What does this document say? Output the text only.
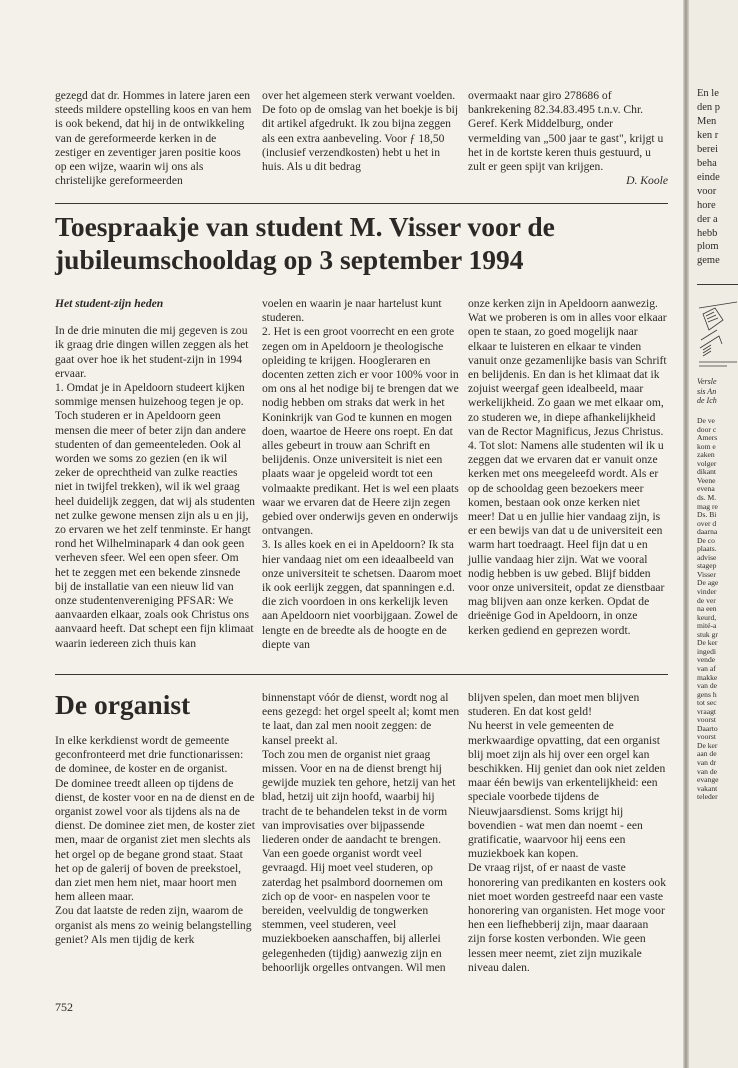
gezegd dat dr. Hommes in latere jaren een steeds mildere opstelling koos en van hem is ook bekend, dat hij in de ontwikkeling van de gereformeerde kerken in de zestiger en zeventiger jaren positie koos op een wijze, waarin wij ons als christelijke gereformeerden

over het algemeen sterk verwant voelden. De foto op de omslag van het boekje is bij dit artikel afgedrukt. Ik zou bijna zeggen als een extra aanbeveling. Voor ƒ 18,50 (inclusief verzendkosten) hebt u het in huis. Als u dit bedrag

overmaakt naar giro 278686 of bankrekening 82.34.83.495 t.n.v. Chr. Geref. Kerk Middelburg, onder vermelding van „500 jaar te gast", krijgt u het in de kortste keren thuis gestuurd, u zult er geen spijt van krijgen.

D. Koole

Toespraakje van student M. Visser voor de jubileumschooldag op 3 september 1994

Het student-zijn heden

In de drie minuten die mij gegeven is zou ik graag drie dingen willen zeggen als het gaat over hoe ik het student-zijn in 1994 ervaar.

1. Omdat je in Apeldoorn studeert kijken sommige mensen huizehoog tegen je op. Toch studeren er in Apeldoorn geen mensen die meer of beter zijn dan andere studenten of dan gemeenteleden. Ook al worden we soms zo gezien (en ik wil zeker de oprechtheid van zulke reacties niet in twijfel trekken), wil ik wel graag heel duidelijk zeggen, dat wij als studenten net zulke gewone mensen zijn als u en jij, zo ervaren we het zelf tenminste. Er hangt rond het Wilhelminapark 4 dan ook geen verheven sfeer. Wel een open sfeer. Om het te zeggen met een bekende zinsnede bij de installatie van een nieuw lid van onze studentenvereniging PFSAR: We aanvaarden elkaar, zoals ook Christus ons aanvaard heeft. Dat schept een fijn klimaat waarin iedereen zich thuis kan

voelen en waarin je naar hartelust kunt studeren.

2. Het is een groot voorrecht en een grote zegen om in Apeldoorn je theologische opleiding te krijgen. Hoogleraren en docenten zetten zich er voor 100% voor in om ons al het nodige bij te brengen dat we nodig hebben om straks dat werk in het Koninkrijk van God te kunnen en mogen doen, waartoe de Heere ons roept. En dat alles gebeurt in trouw aan Schrift en belijdenis. Onze universiteit is niet een plaats waar je opgeleid wordt tot een volmaakte predikant. Het is wel een plaats waar we ervaren dat de Heere zijn zegen gebied over onderwijs geven en onderwijs ontvangen.

3. Is alles koek en ei in Apeldoorn? Ik sta hier vandaag niet om een ideaalbeeld van onze universiteit te schetsen. Daarom moet ik ook eerlijk zeggen, dat spanningen e.d. die zich voordoen in ons kerkelijk leven aan Apeldoorn niet voorbijgaan. Zowel de lengte en de breedte als de hoogte en de diepte van

onze kerken zijn in Apeldoorn aanwezig. Wat we proberen is om in alles voor elkaar open te staan, zo goed mogelijk naar elkaar te luisteren en elkaar te vinden vanuit onze gezamenlijke basis van Schrift en belijdenis. En dan is het klimaat dat ik zojuist weergaf geen idealbeeld, maar werkelijkheid. Zo gaan we met elkaar om, zo studeren we, in diepe afhankelijkheid van de Rector Magnificus, Jezus Christus.

4. Tot slot: Namens alle studenten wil ik u zeggen dat we ervaren dat er vanuit onze kerken met ons meegeleefd wordt. Als er op de schooldag geen bezoekers meer komen, bestaan ook onze kerken niet meer! Dat u en jullie hier vandaag zijn, is er een bewijs van dat u de universiteit een warm hart toedraagt. Heel fijn dat u en jullie vandaag hier zijn. Wat we vooral nodig hebben is uw gebed. Blijf bidden voor onze universiteit, opdat ze dienstbaar mag blijven aan onze kerken. Opdat de drieënige God in Apeldoorn, in onze kerken gediend en geprezen wordt.

De organist

In elke kerkdienst wordt de gemeente geconfronteerd met drie functionarissen: de dominee, de koster en de organist.

De dominee treedt alleen op tijdens de dienst, de koster voor en na de dienst en de organist zowel voor als tijdens als na de dienst. De dominee ziet men, de koster ziet men, maar de organist ziet men slechts als het orgel op de begane grond staat. Staat het op de galerij of boven de preekstoel, dan ziet men hem niet, maar hoort men hem alleen maar.

Zou dat laatste de reden zijn, waarom de organist als mens zo weinig belangstelling geniet? Als men tijdig de kerk

binnenstapt vóór de dienst, wordt nog al eens gezegd: het orgel speelt al; komt men te laat, dan zal men nooit zeggen: de kansel preekt al.

Toch zou men de organist niet graag missen. Voor en na de dienst brengt hij gewijde muziek ten gehore, hetzij van het blad, hetzij uit zijn hoofd, waarbij hij tracht de te behandelen tekst in de vorm van improvisaties over bijpassende liederen onder de aandacht te brengen.

Van een goede organist wordt veel gevraagd. Hij moet veel studeren, op zaterdag het psalmbord doornemen om zich op de voor- en naspelen voor te bereiden, veelvuldig de tongwerken stemmen, veel studeren, veel muziekboeken aanschaffen, bij allerlei gelegenheden (tijdig) aanwezig zijn en behoorlijk orgelles ontvangen. Wil men

blijven spelen, dan moet men blijven studeren. En dat kost geld!

Nu heerst in vele gemeenten de merkwaardige opvatting, dat een organist blij moet zijn als hij over een orgel kan beschikken. Hij geniet dan ook niet zelden maar één bewijs van erkentelijkheid: een speciale voorbede tijdens de Nieuwjaarsdienst. Soms krijgt hij bovendien - wat men dan noemt - een gratificatie, waarvoor hij eens een muziekboek kan kopen.

De vraag rijst, of er naast de vaste honorering van predikanten en kosters ook niet moet worden gestreefd naar een vaste honorering van organisten. Het moge voor hen een liefhebberij zijn, maar daaraan zijn forse kosten verbonden. Wie geen lessen meer neemt, ziet zijn muzikale niveau dalen.

752
En le
den p
Men
ken r
berei
beha
einde
voor
hore
der a
hebb
plom
geme
Versle
sis An
de Ich
De ve
door c
Amers
kom e
zaken
volger
dikant
Veene
evena
ds. M.
mag re
Ds. Bi
over d
daarna
De co
plaats.
advise
stagep
Visser
De age
vinder
de ver
na een
keurd,
mité-a
stuk gr
De ker
ingedi
vende
van af
makke
van de
gens h
tot sec
vraagt
voorst
Daarto
voorst
De ker
aan de
van dr
van de
evange
vakant
teleder
